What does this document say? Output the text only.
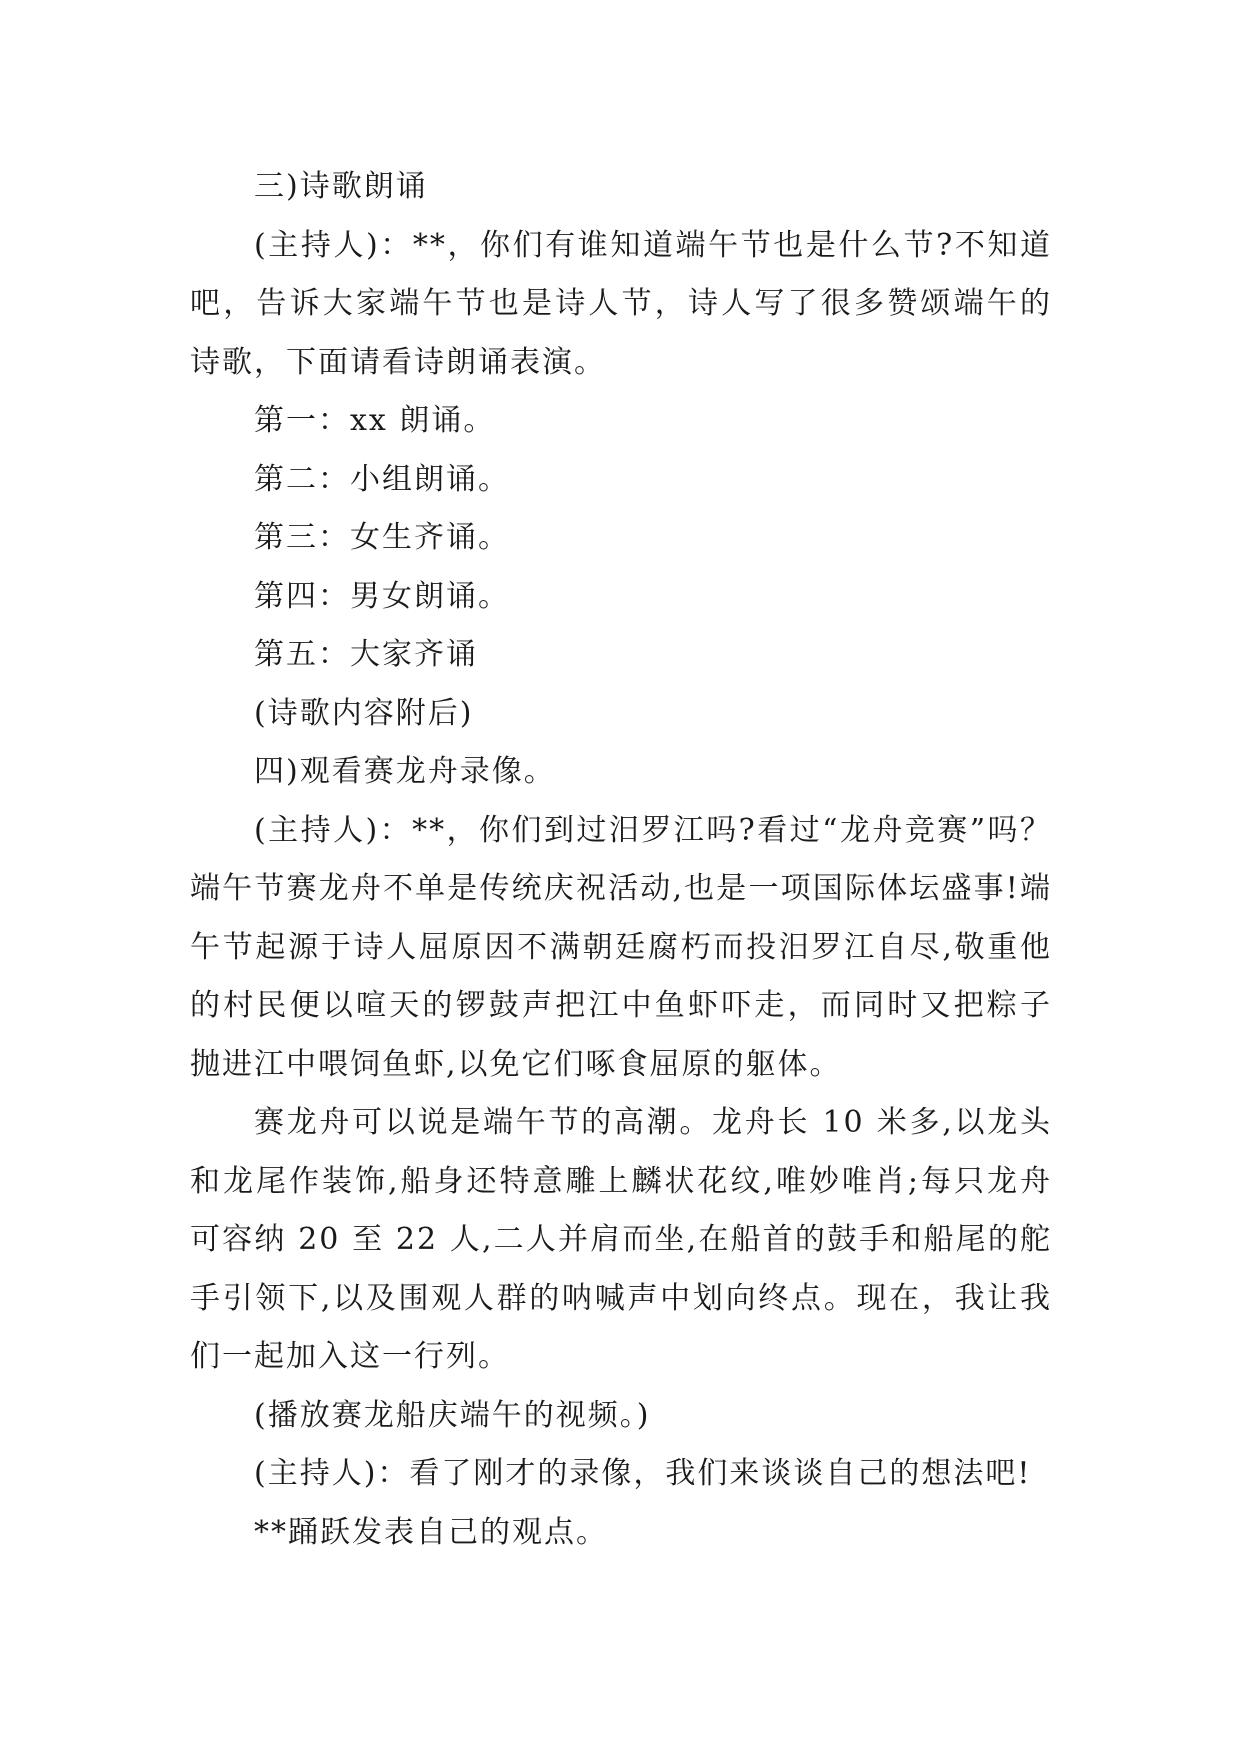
三)诗歌朗诵

(主持人)：**，你们有谁知道端午节也是什么节?不知道吧，告诉大家端午节也是诗人节，诗人写了很多赞颂端午的诗歌，下面请看诗朗诵表演。

第一：xx 朗诵。

第二：小组朗诵。

第三：女生齐诵。

第四：男女朗诵。

第五：大家齐诵

(诗歌内容附后)

四)观看赛龙舟录像。

(主持人)：**，你们到过汨罗江吗?看过“龙舟竞赛”吗？端午节赛龙舟不单是传统庆祝活动,也是一项国际体坛盛事!端午节起源于诗人屈原因不满朝廷腐朽而投汨罗江自尽,敬重他的村民便以喧天的锣鼓声把江中鱼虾吓走，而同时又把粽子抛进江中喂饲鱼虾,以免它们啄食屈原的躯体。

赛龙舟可以说是端午节的高潮。龙舟长 10 米多,以龙头和龙尾作装饰,船身还特意雕上麟状花纹,唯妙唯肖;每只龙舟可容纳 20 至 22 人,二人并肩而坐,在船首的鼓手和船尾的舵手引领下,以及围观人群的呐喊声中划向终点。现在，我让我们一起加入这一行列。

(播放赛龙船庆端午的视频。)

(主持人)：看了刚才的录像，我们来谈谈自己的想法吧!

**踊跃发表自己的观点。
